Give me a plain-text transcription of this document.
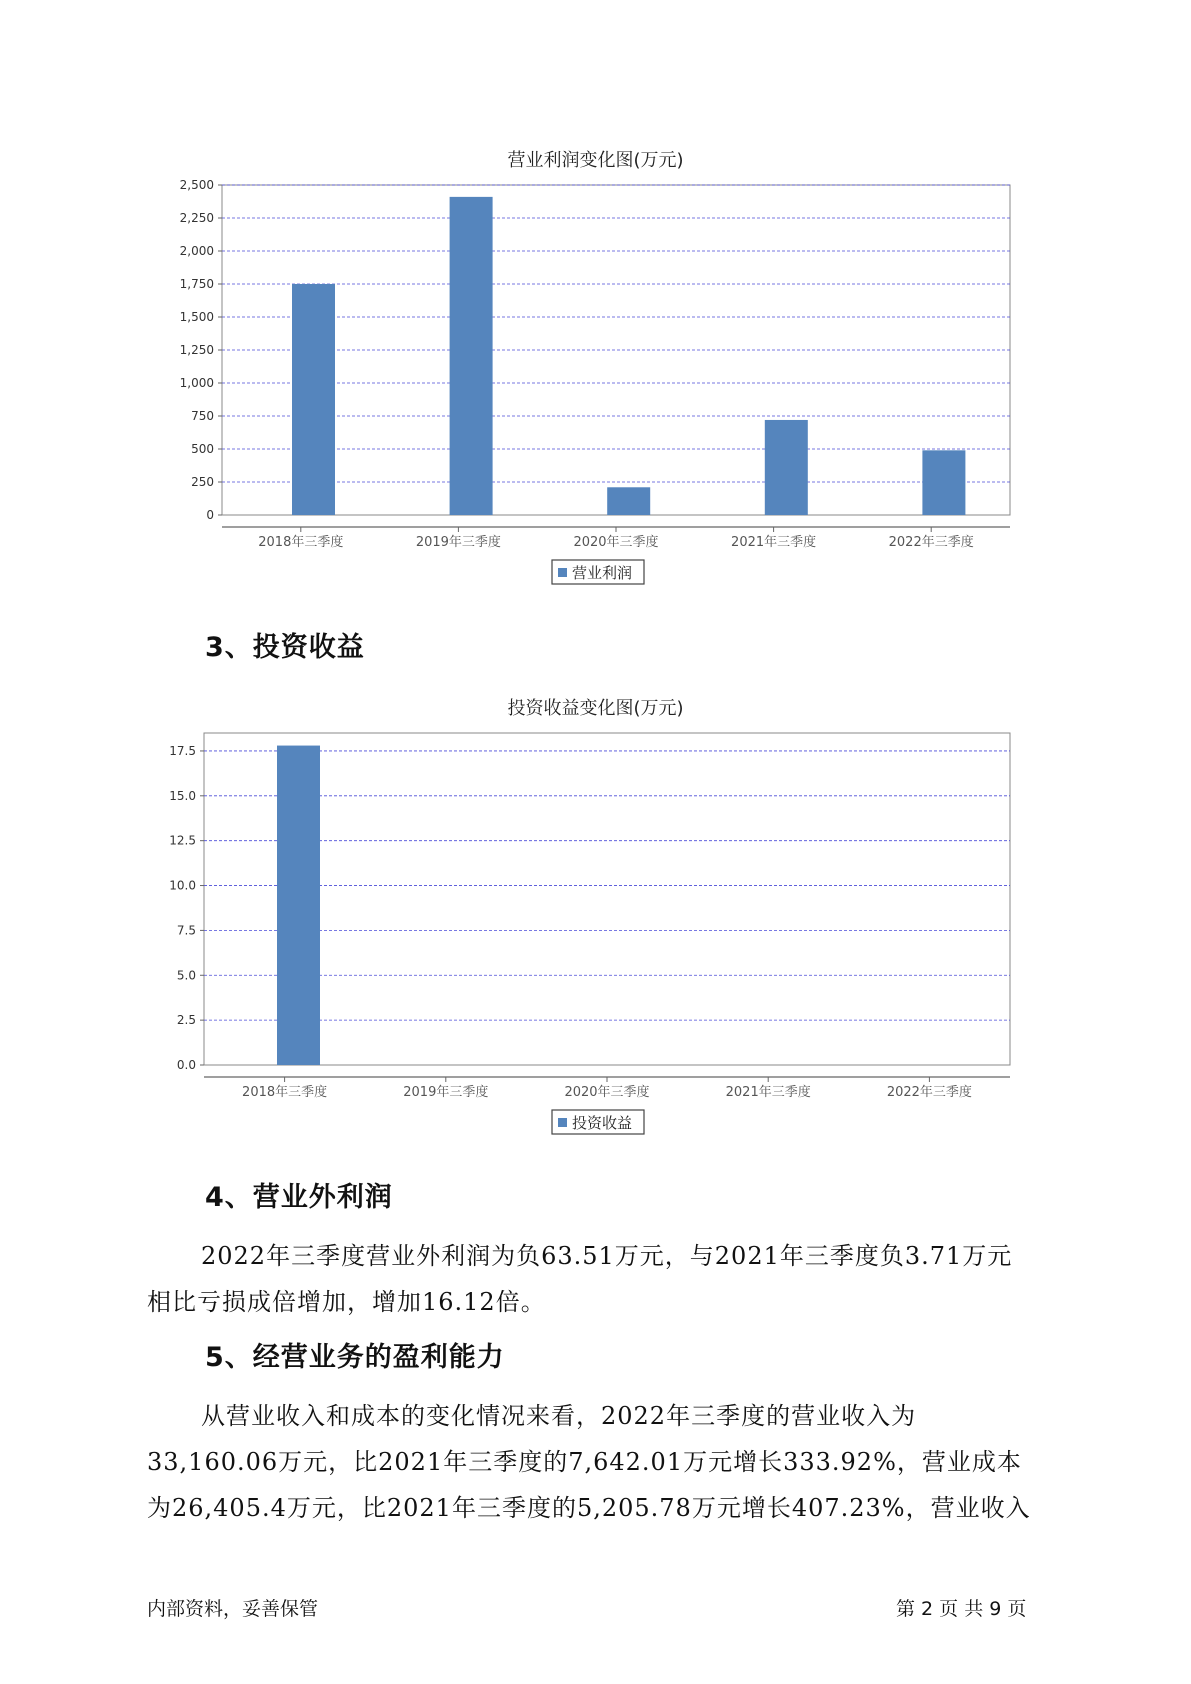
营业利润变化图(万元)
0
250
500
750
1,000
1,250
1,500
1,750
2,000
2,250
2,500
2018年三季度	2019年三季度	2020年三季度	2021年三季度	2022年三季度
营业利润
3、投资收益
投资收益变化图(万元)
0.0
2.5
5.0
7.5
10.0
12.5
15.0
17.5
2018年三季度	2019年三季度	2020年三季度	2021年三季度	2022年三季度
投资收益
4、营业外利润
2022年三季度营业外利润为负63.51万元，与2021年三季度负3.71万元
相比亏损成倍增加，增加16.12倍。
5、经营业务的盈利能力
从营业收入和成本的变化情况来看，2022年三季度的营业收入为
33,160.06万元，比2021年三季度的7,642.01万元增长333.92%，营业成本
为26,405.4万元，比2021年三季度的5,205.78万元增长407.23%，营业收入
内部资料，妥善保管	第 2 页 共 9 页
